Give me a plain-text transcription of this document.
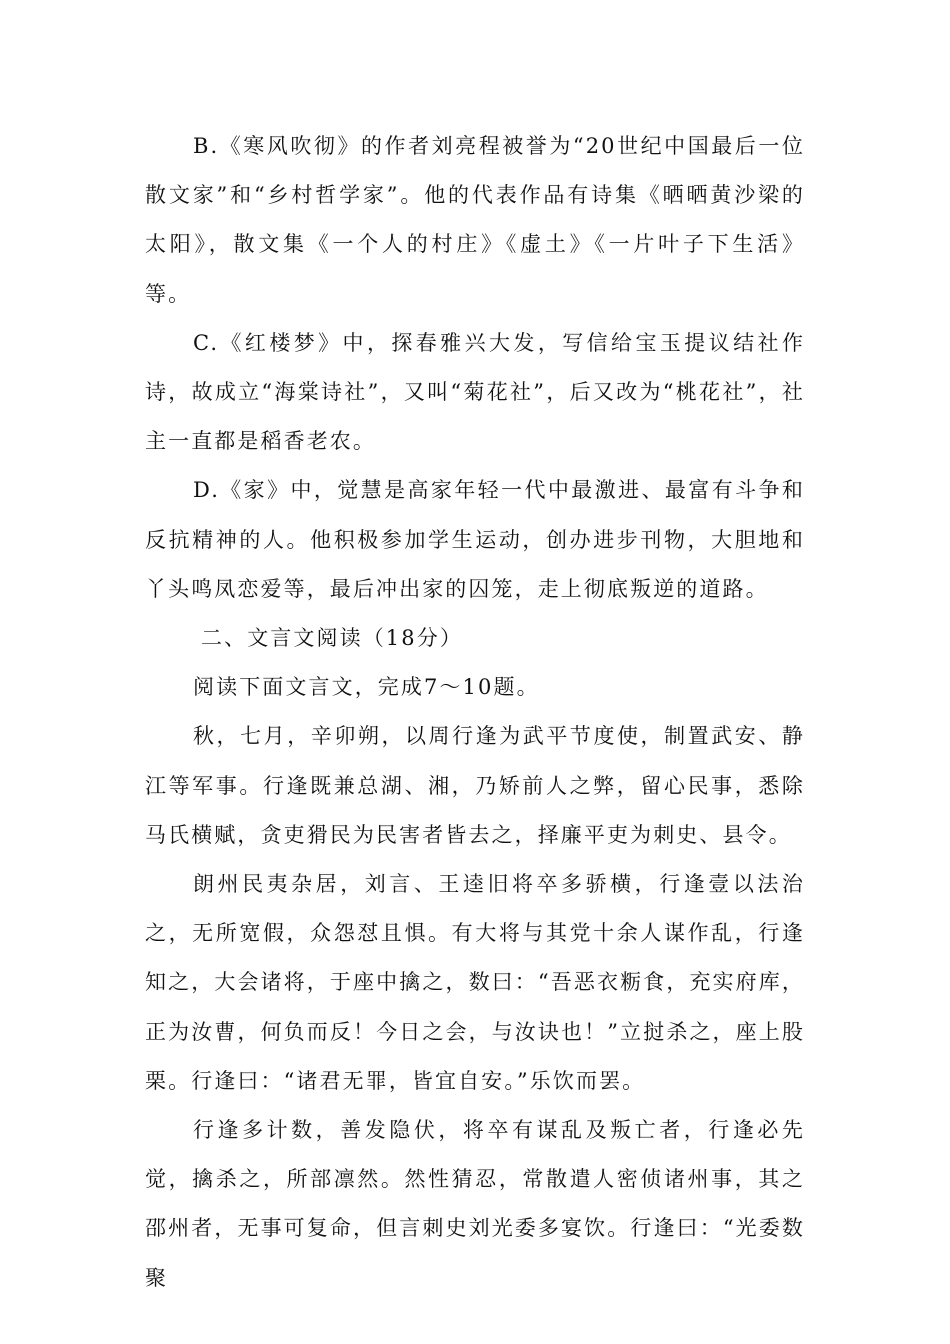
B.《寒风吹彻》的作者刘亮程被誉为“20世纪中国最后一位散文家”和“乡村哲学家”。他的代表作品有诗集《晒晒黄沙梁的太阳》，散文集《一个人的村庄》《虚土》《一片叶子下生活》等。

C.《红楼梦》中，探春雅兴大发，写信给宝玉提议结社作诗，故成立“海棠诗社”，又叫“菊花社”，后又改为“桃花社”，社主一直都是稻香老农。

D.《家》中，觉慧是高家年轻一代中最激进、最富有斗争和反抗精神的人。他积极参加学生运动，创办进步刊物，大胆地和丫头鸣凤恋爱等，最后冲出家的囚笼，走上彻底叛逆的道路。

二、文言文阅读（18分）

阅读下面文言文，完成7～10题。

秋，七月，辛卯朔，以周行逢为武平节度使，制置武安、静江等军事。行逢既兼总湖、湘，乃矫前人之弊，留心民事，悉除马氏横赋，贪吏猾民为民害者皆去之，择廉平吏为刺史、县令。

朗州民夷杂居，刘言、王逵旧将卒多骄横，行逢壹以法治之，无所宽假，众怨怼且惧。有大将与其党十余人谋作乱，行逢知之，大会诸将，于座中擒之，数曰：“吾恶衣粝食，充实府库，正为汝曹，何负而反！今日之会，与汝诀也！”立挝杀之，座上股栗。行逢曰：“诸君无罪，皆宜自安。”乐饮而罢。

行逢多计数，善发隐伏，将卒有谋乱及叛亡者，行逢必先觉，擒杀之，所部凛然。然性猜忍，常散遣人密侦诸州事，其之邵州者，无事可复命，但言刺史刘光委多宴饮。行逢曰：“光委数聚
